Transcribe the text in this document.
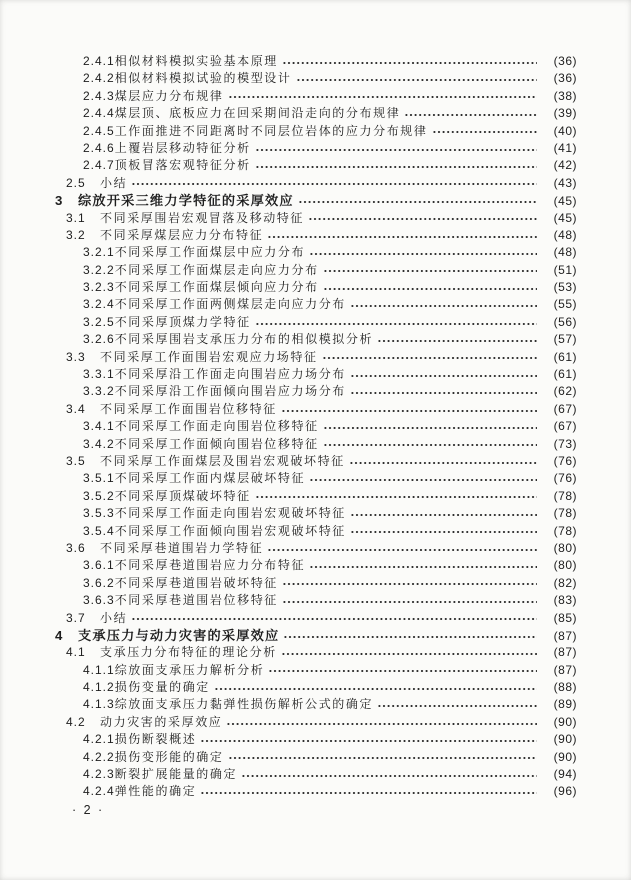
2.4.1 相似材料模拟实验基本原理	(36)
2.4.2 相似材料模拟试验的模型设计	(36)
2.4.3 煤层应力分布规律	(38)
2.4.4 煤层顶、底板应力在回采期间沿走向的分布规律	(39)
2.4.5 工作面推进不同距离时不同层位岩体的应力分布规律	(40)
2.4.6 上覆岩层移动特征分析	(41)
2.4.7 顶板冒落宏观特征分析	(42)
2.5	小结	(43)
3	综放开采三维力学特征的采厚效应	(45)
3.1	不同采厚围岩宏观冒落及移动特征	(45)
3.2	不同采厚煤层应力分布特征	(48)
3.2.1 不同采厚工作面煤层中应力分布	(48)
3.2.2 不同采厚工作面煤层走向应力分布	(51)
3.2.3 不同采厚工作面煤层倾向应力分布	(53)
3.2.4 不同采厚工作面两侧煤层走向应力分布	(55)
3.2.5 不同采厚顶煤力学特征	(56)
3.2.6 不同采厚围岩支承压力分布的相似模拟分析	(57)
3.3	不同采厚工作面围岩宏观应力场特征	(61)
3.3.1 不同采厚沿工作面走向围岩应力场分布	(61)
3.3.2 不同采厚沿工作面倾向围岩应力场分布	(62)
3.4	不同采厚工作面围岩位移特征	(67)
3.4.1 不同采厚工作面走向围岩位移特征	(67)
3.4.2 不同采厚工作面倾向围岩位移特征	(73)
3.5	不同采厚工作面煤层及围岩宏观破坏特征	(76)
3.5.1 不同采厚工作面内煤层破坏特征	(76)
3.5.2 不同采厚顶煤破坏特征	(78)
3.5.3 不同采厚工作面走向围岩宏观破坏特征	(78)
3.5.4 不同采厚工作面倾向围岩宏观破坏特征	(78)
3.6	不同采厚巷道围岩力学特征	(80)
3.6.1 不同采厚巷道围岩应力分布特征	(80)
3.6.2 不同采厚巷道围岩破坏特征	(82)
3.6.3 不同采厚巷道围岩位移特征	(83)
3.7	小结	(85)
4	支承压力与动力灾害的采厚效应	(87)
4.1	支承压力分布特征的理论分析	(87)
4.1.1 综放面支承压力解析分析	(87)
4.1.2 损伤变量的确定	(88)
4.1.3 综放面支承压力黏弹性损伤解析公式的确定	(89)
4.2	动力灾害的采厚效应	(90)
4.2.1 损伤断裂概述	(90)
4.2.2 损伤变形能的确定	(90)
4.2.3 断裂扩展能量的确定	(94)
4.2.4 弹性能的确定	(96)
· 2 ·
